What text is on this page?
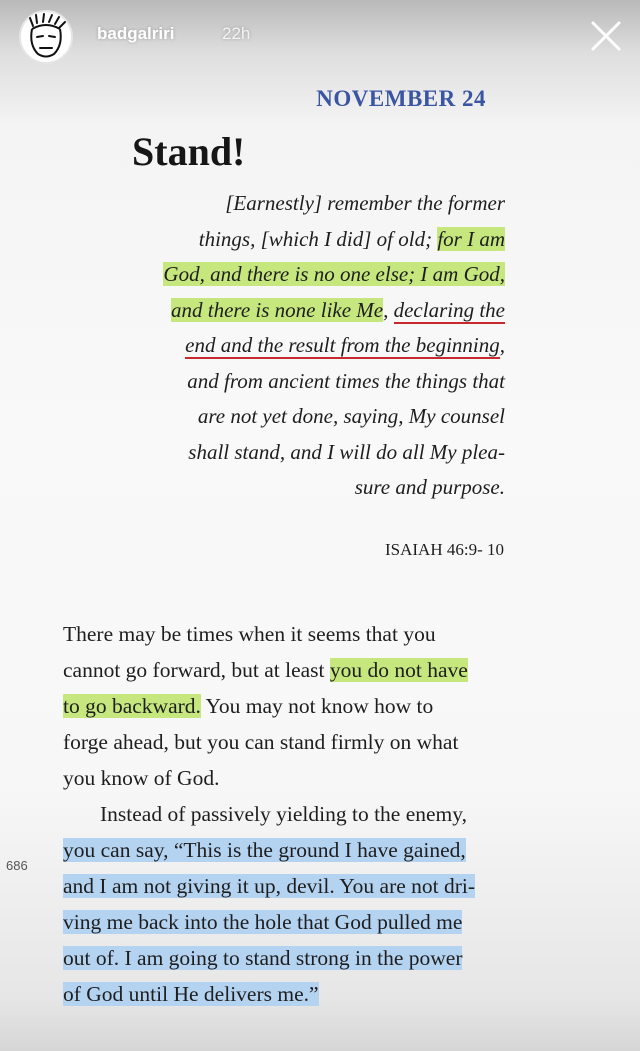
badgalriri	22h
NOVEMBER 24
Stand!
[Earnestly] remember the former
things, [which I did] of old; for I am
God, and there is no one else; I am God,
and there is none like Me, declaring the
end and the result from the beginning,
and from ancient times the things that
are not yet done, saying, My counsel
shall stand, and I will do all My plea-
sure and purpose.
ISAIAH 46:9- 10
There may be times when it seems that you
cannot go forward, but at least you do not have
to go backward. You may not know how to
forge ahead, but you can stand firmly on what
you know of God.
Instead of passively yielding to the enemy,
you can say, “This is the ground I have gained,
and I am not giving it up, devil. You are not dri-
ving me back into the hole that God pulled me
out of. I am going to stand strong in the power
of God until He delivers me.”
686
